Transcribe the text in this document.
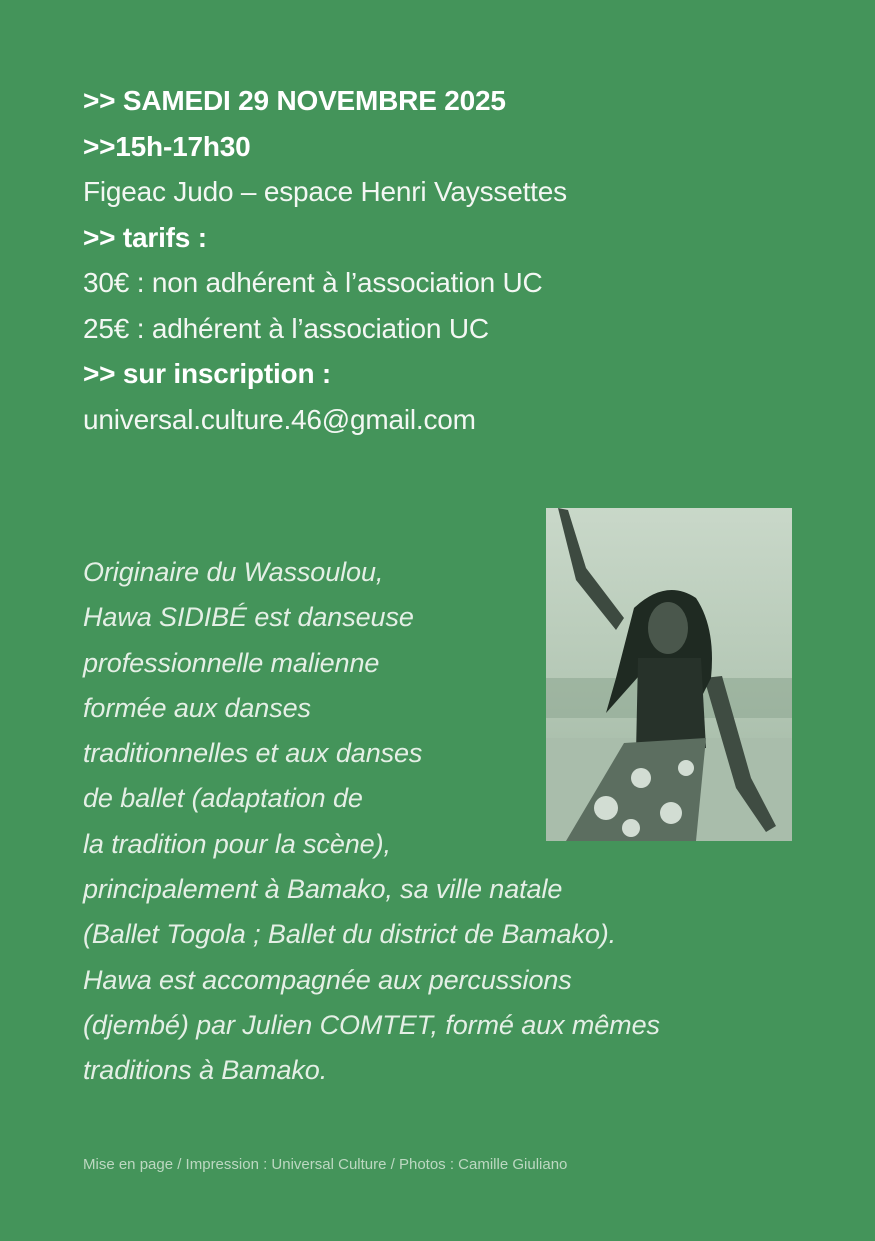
>> SAMEDI 29 NOVEMBRE 2025
>>15h-17h30
Figeac Judo – espace Henri Vayssettes
>> tarifs :
30€ : non adhérent à l’association UC
25€ : adhérent à l’association UC
>> sur inscription :
universal.culture.46@gmail.com
Originaire du Wassoulou,
Hawa SIDIBÉ est danseuse
professionnelle malienne
formée aux danses
traditionnelles et aux danses
de ballet (adaptation de
la tradition pour la scène),
principalement à Bamako, sa ville natale
(Ballet Togola ; Ballet du district de Bamako).
Hawa est accompagnée aux percussions
(djembé) par Julien COMTET, formé aux mêmes
traditions à Bamako.
Mise en page / Impression : Universal Culture / Photos : Camille Giuliano
